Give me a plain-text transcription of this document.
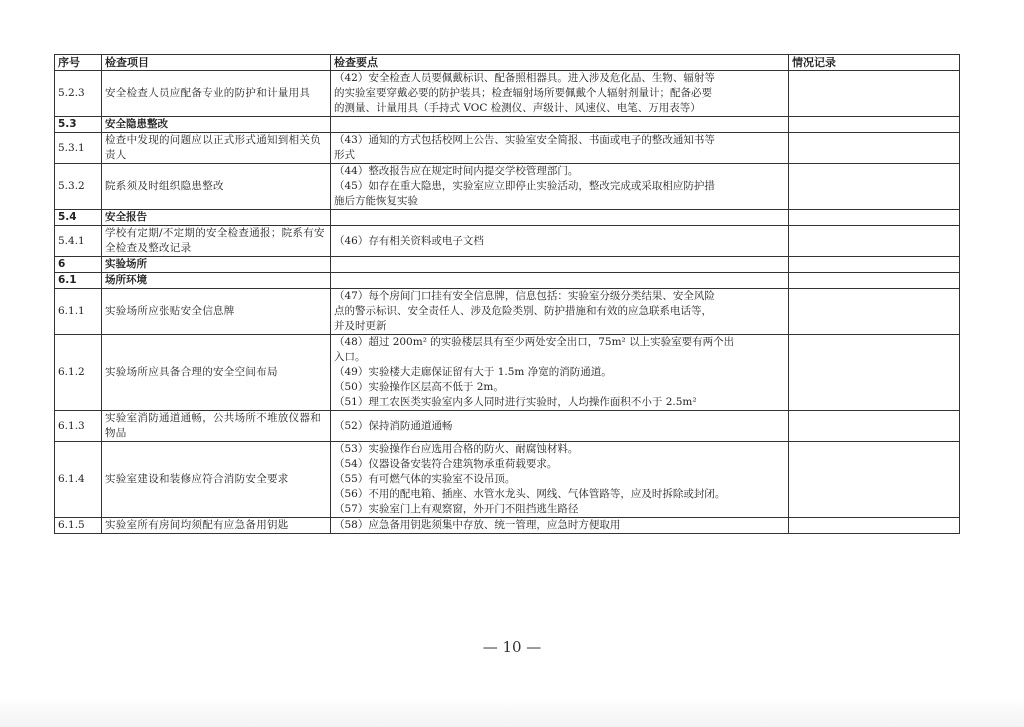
序号	检查项目	检查要点	情况记录
5.2.3	安全检查人员应配备专业的防护和计量用具	（42）安全检查人员要佩戴标识、配备照相器具。进入涉及危化品、生物、辐射等
的实验室要穿戴必要的防护装具；检查辐射场所要佩戴个人辐射剂量计；配备必要
的测量、计量用具（手持式 VOC 检测仪、声级计、风速仪、电笔、万用表等）	

5.3	安全隐患整改		
5.3.1	检查中发现的问题应以正式形式通知到相关负责人	（43）通知的方式包括校网上公告、实验室安全简报、书面或电子的整改通知书等
形式	

5.3.2	院系须及时组织隐患整改	（44）整改报告应在规定时间内提交学校管理部门。
（45）如存在重大隐患，实验室应立即停止实验活动，整改完成或采取相应防护措
施后方能恢复实验	

5.4	安全报告		
5.4.1	学校有定期/不定期的安全检查通报；院系有安全检查及整改记录	（46）存有相关资料或电子文档	

6	实验场所		
6.1	场所环境		
6.1.1	实验场所应张贴安全信息牌	（47）每个房间门口挂有安全信息牌，信息包括：实验室分级分类结果、安全风险
点的警示标识、安全责任人、涉及危险类别、防护措施和有效的应急联系电话等，
并及时更新	

6.1.2	实验场所应具备合理的安全空间布局	（48）超过 200m² 的实验楼层具有至少两处安全出口，75m² 以上实验室要有两个出
入口。
（49）实验楼大走廊保证留有大于 1.5m 净宽的消防通道。
（50）实验操作区层高不低于 2m。
（51）理工农医类实验室内多人同时进行实验时，人均操作面积不小于 2.5m²	

6.1.3	实验室消防通道通畅，公共场所不堆放仪器和物品	（52）保持消防通道通畅	

6.1.4	实验室建设和装修应符合消防安全要求	（53）实验操作台应选用合格的防火、耐腐蚀材料。
（54）仪器设备安装符合建筑物承重荷载要求。
（55）有可燃气体的实验室不设吊顶。
（56）不用的配电箱、插座、水管水龙头、网线、气体管路等，应及时拆除或封闭。
（57）实验室门上有观察窗，外开门不阻挡逃生路径	

6.1.5	实验室所有房间均须配有应急备用钥匙	（58）应急备用钥匙须集中存放、统一管理，应急时方便取用	

— 10 —
